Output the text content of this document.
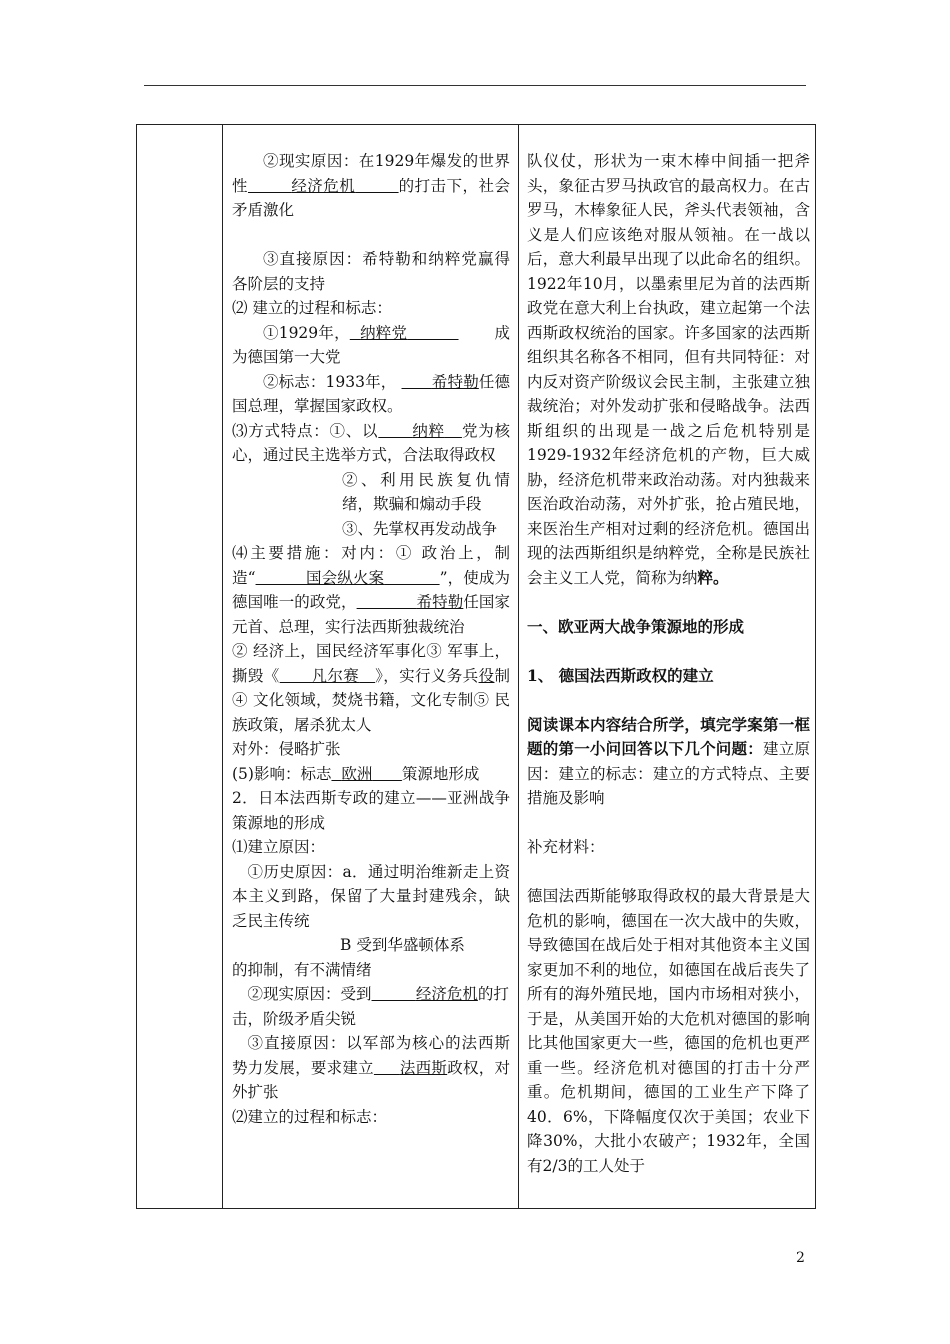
②现实原因：在1929年爆发的世界性	经济危机	的打击下，社会矛盾激化

③直接原因：希特勒和纳粹党赢得各阶层的支持

⑵ 建立的过程和标志：

①1929年， 纳粹党	成为德国第一大党

②标志：1933年， 希特勒任德国总理，掌握国家政权。

⑶方式特点：①、以 纳粹 党为核心，通过民主选举方式，合法取得政权

②、利用民族复仇情绪，欺骗和煽动手段

③、先掌权再发动战争

⑷主要措施：对内：① 政治上，制造“	国会纵火案	”，使成为德国唯一的政党，	希特勒任国家元首、总理，实行法西斯独裁统治

② 经济上，国民经济军事化③ 军事上，撕毁《 凡尔赛 》，实行义务兵役制④ 文化领域，焚烧书籍，文化专制⑤ 民族政策，屠杀犹太人

对外：侵略扩张

(5)影响：标志 欧洲 策源地形成

2．日本法西斯专政的建立——亚洲战争策源地的形成

⑴建立原因：

①历史原因：a．通过明治维新走上资本主义到路，保留了大量封建残余，缺乏民主传统

B 受到华盛顿体系

的抑制，有不满情绪

②现实原因：受到	经济危机的打击，阶级矛盾尖锐

③直接原因：以军部为核心的法西斯势力发展，要求建立 法西斯政权，对外扩张

⑵建立的过程和标志：

队仪仗，形状为一束木棒中间插一把斧头，象征古罗马执政官的最高权力。在古罗马，木棒象征人民，斧头代表领袖，含义是人们应该绝对服从领袖。在一战以后，意大利最早出现了以此命名的组织。1922年10月，以墨索里尼为首的法西斯政党在意大利上台执政，建立起第一个法西斯政权统治的国家。许多国家的法西斯组织其名称各不相同，但有共同特征：对内反对资产阶级议会民主制，主张建立独裁统治；对外发动扩张和侵略战争。法西斯组织的出现是一战之后危机特别是1929-1932年经济危机的产物，巨大威胁，经济危机带来政治动荡。对内独裁来医治政治动荡，对外扩张，抢占殖民地，来医治生产相对过剩的经济危机。德国出现的法西斯组织是纳粹党，全称是民族社会主义工人党，简称为纳粹。

一、欧亚两大战争策源地的形成

1、 德国法西斯政权的建立

阅读课本内容结合所学，填完学案第一框题的第一小问回答以下几个问题：建立原因：建立的标志：建立的方式特点、主要措施及影响

补充材料：

德国法西斯能够取得政权的最大背景是大危机的影响，德国在一次大战中的失败，导致德国在战后处于相对其他资本主义国家更加不利的地位，如德国在战后丧失了所有的海外殖民地，国内市场相对狭小，于是，从美国开始的大危机对德国的影响比其他国家更大一些，德国的危机也更严重一些。经济危机对德国的打击十分严重。危机期间，德国的工业生产下降了40．6%，下降幅度仅次于美国；农业下降30%，大批小农破产；1932年，全国有2/3的工人处于

2
